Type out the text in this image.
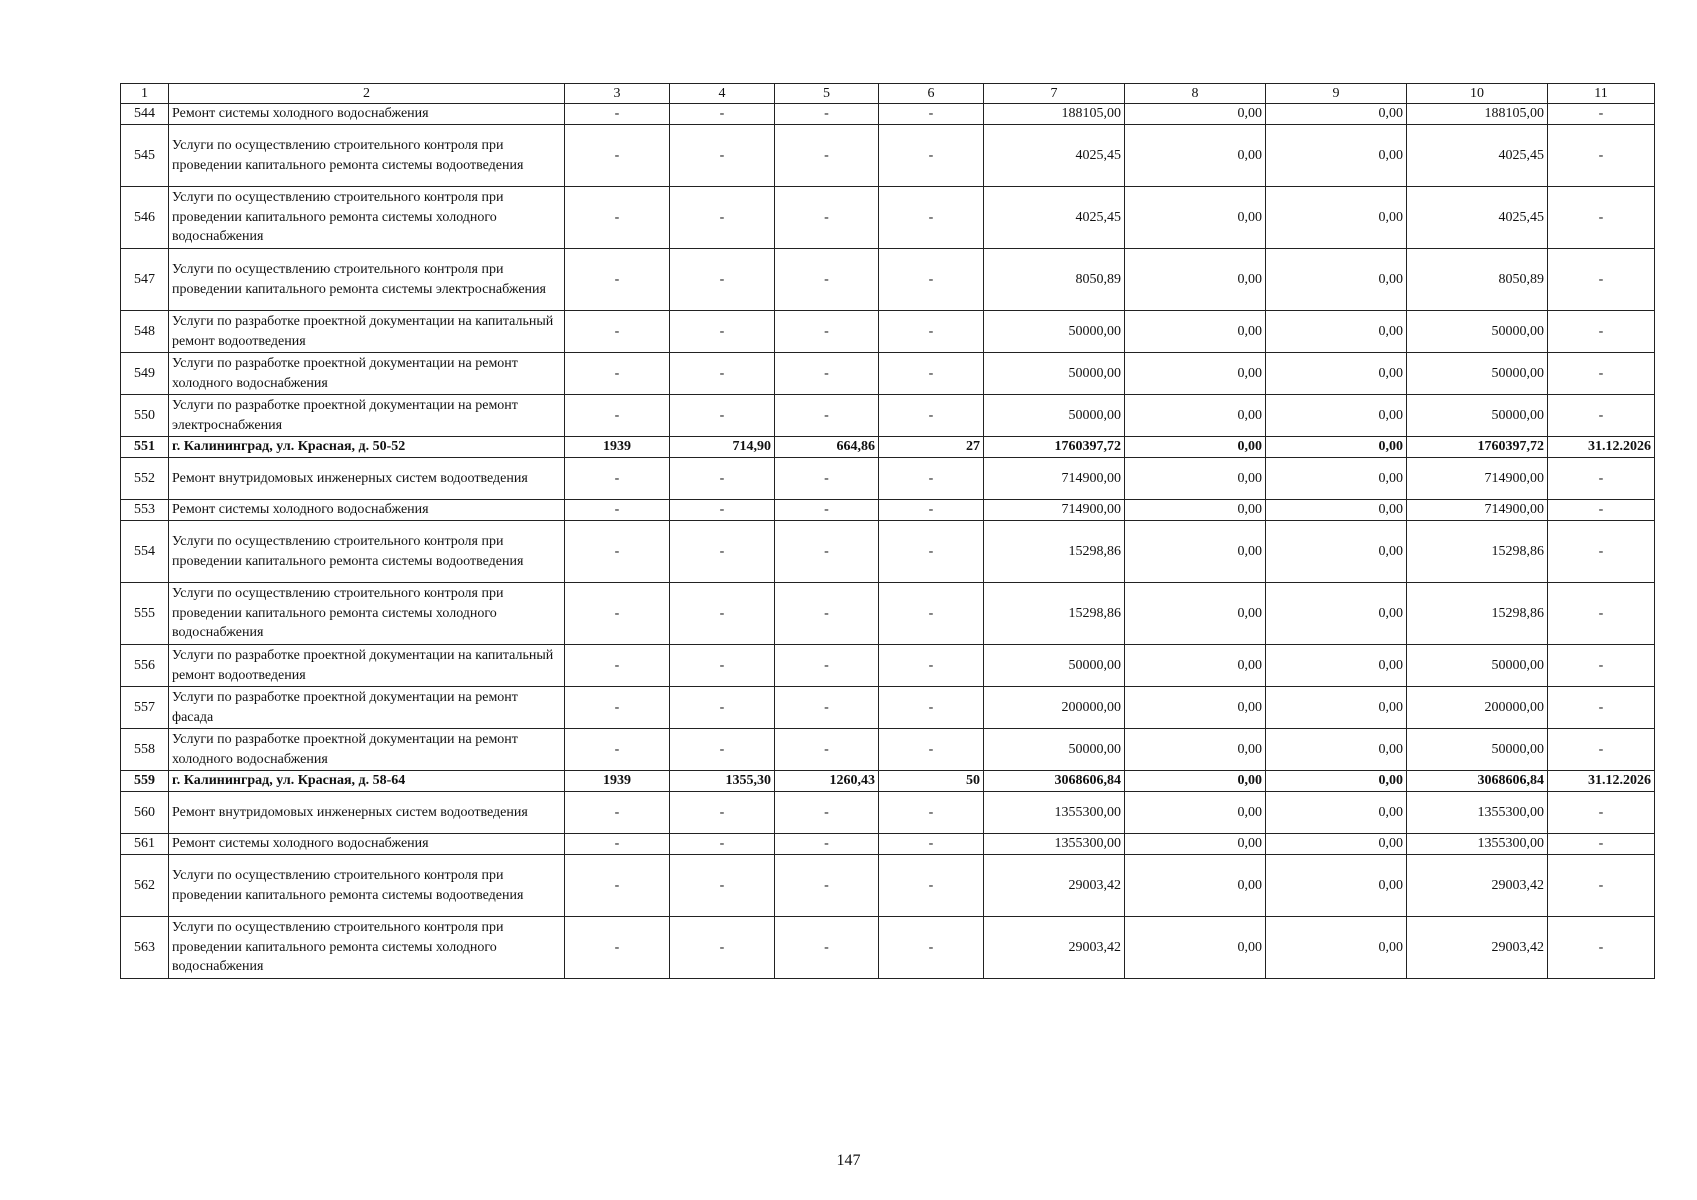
1	2	3	4	5	6	7	8	9	10	11
544	Ремонт системы холодного водоснабжения	-	-	-	-	188105,00	0,00	0,00	188105,00	-
545	Услуги по осуществлению строительного контроля при проведении капитального ремонта системы водоотведения	-	-	-	-	4025,45	0,00	0,00	4025,45	-
546	Услуги по осуществлению строительного контроля при проведении капитального ремонта системы холодного водоснабжения	-	-	-	-	4025,45	0,00	0,00	4025,45	-
547	Услуги по осуществлению строительного контроля при проведении капитального ремонта системы электроснабжения	-	-	-	-	8050,89	0,00	0,00	8050,89	-
548	Услуги по разработке проектной документации на капитальный ремонт водоотведения	-	-	-	-	50000,00	0,00	0,00	50000,00	-
549	Услуги по разработке проектной документации на ремонт холодного водоснабжения	-	-	-	-	50000,00	0,00	0,00	50000,00	-
550	Услуги по разработке проектной документации на ремонт электроснабжения	-	-	-	-	50000,00	0,00	0,00	50000,00	-
551	г. Калининград, ул. Красная, д. 50-52	1939	714,90	664,86	27	1760397,72	0,00	0,00	1760397,72	31.12.2026
552	Ремонт внутридомовых инженерных систем водоотведения	-	-	-	-	714900,00	0,00	0,00	714900,00	-
553	Ремонт системы холодного водоснабжения	-	-	-	-	714900,00	0,00	0,00	714900,00	-
554	Услуги по осуществлению строительного контроля при проведении капитального ремонта системы водоотведения	-	-	-	-	15298,86	0,00	0,00	15298,86	-
555	Услуги по осуществлению строительного контроля при проведении капитального ремонта системы холодного водоснабжения	-	-	-	-	15298,86	0,00	0,00	15298,86	-
556	Услуги по разработке проектной документации на капитальный ремонт водоотведения	-	-	-	-	50000,00	0,00	0,00	50000,00	-
557	Услуги по разработке проектной документации на ремонт фасада	-	-	-	-	200000,00	0,00	0,00	200000,00	-
558	Услуги по разработке проектной документации на ремонт холодного водоснабжения	-	-	-	-	50000,00	0,00	0,00	50000,00	-
559	г. Калининград, ул. Красная, д. 58-64	1939	1355,30	1260,43	50	3068606,84	0,00	0,00	3068606,84	31.12.2026
560	Ремонт внутридомовых инженерных систем водоотведения	-	-	-	-	1355300,00	0,00	0,00	1355300,00	-
561	Ремонт системы холодного водоснабжения	-	-	-	-	1355300,00	0,00	0,00	1355300,00	-
562	Услуги по осуществлению строительного контроля при проведении капитального ремонта системы водоотведения	-	-	-	-	29003,42	0,00	0,00	29003,42	-
563	Услуги по осуществлению строительного контроля при проведении капитального ремонта системы холодного водоснабжения	-	-	-	-	29003,42	0,00	0,00	29003,42	-
147
